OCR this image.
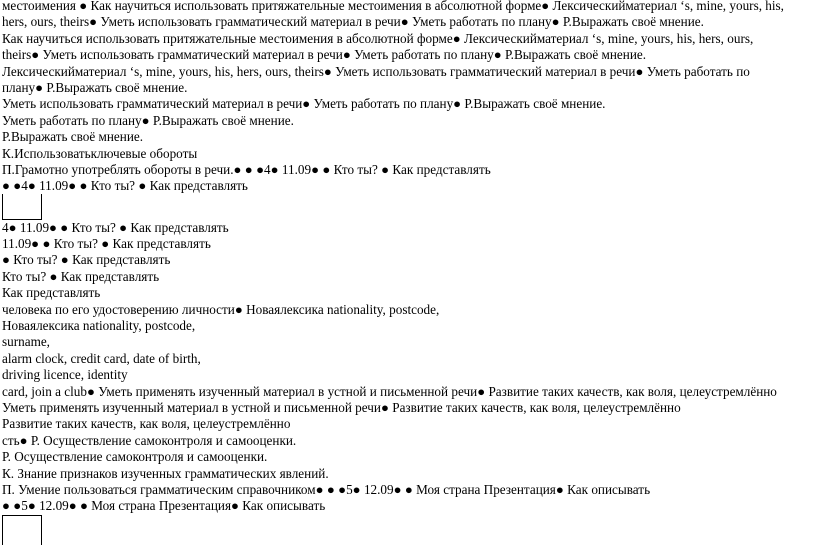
местоимения ● Как научиться использовать притяжательные местоимения в абсолютной форме● Лексическийматериал ‘s, mine, yours, his,
hers, ours, theirs● Уметь использовать грамматический материал в речи● Уметь работать по плану● Р.Выражать своё мнение.
Как научиться использовать притяжательные местоимения в абсолютной форме● Лексическийматериал ‘s, mine, yours, his, hers, ours,
theirs● Уметь использовать грамматический материал в речи● Уметь работать по плану● Р.Выражать своё мнение.
Лексическийматериал ‘s, mine, yours, his, hers, ours, theirs● Уметь использовать грамматический материал в речи● Уметь работать по
плану● Р.Выражать своё мнение.
Уметь использовать грамматический материал в речи● Уметь работать по плану● Р.Выражать своё мнение.
Уметь работать по плану● Р.Выражать своё мнение.
Р.Выражать своё мнение.
К.Использоватьключевые обороты
П.Грамотно употреблять обороты в речи.● ● ●4● 11.09● ● Кто ты? ● Как представлять
● ●4● 11.09● ● Кто ты? ● Как представлять
4● 11.09● ● Кто ты? ● Как представлять
11.09● ● Кто ты? ● Как представлять
● Кто ты? ● Как представлять
Кто ты? ● Как представлять
Как представлять
человека по его удостоверению личности● Новаялексика nationality, postcode,
Новаялексика nationality, postcode,
surname,
alarm clock, credit card, date of birth,
driving licence, identity
card, join a club● Уметь применять изученный материал в устной и письменной речи● Развитие таких качеств, как воля, целеустремлённо
Уметь применять изученный материал в устной и письменной речи● Развитие таких качеств, как воля, целеустремлённо
Развитие таких качеств, как воля, целеустремлённо
сть● Р. Осуществление самоконтроля и самооценки.
Р. Осуществление самоконтроля и самооценки.
К. Знание признаков изученных грамматических явлений.
П. Умение пользоваться грамматическим справочником● ● ●5● 12.09● ● Моя страна Презентация● Как описывать
● ●5● 12.09● ● Моя страна Презентация● Как описывать
